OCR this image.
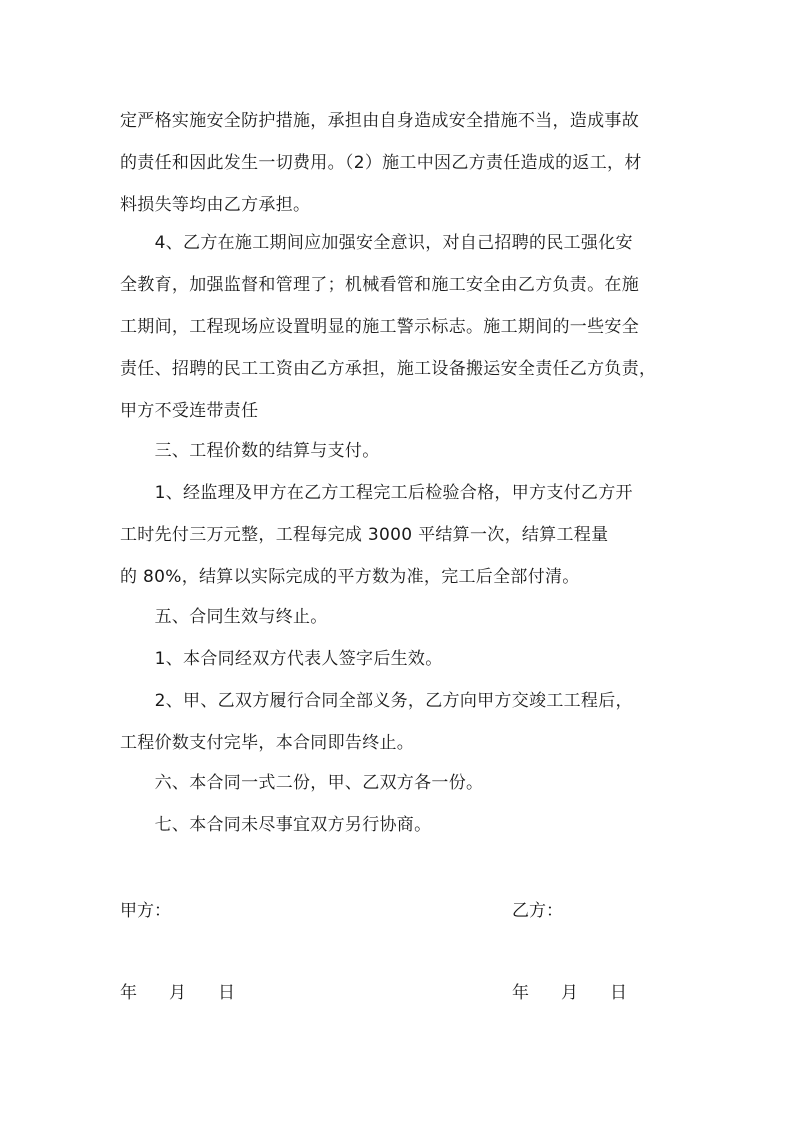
定严格实施安全防护措施，承担由自身造成安全措施不当，造成事故
的责任和因此发生一切费用。（2）施工中因乙方责任造成的返工，材
料损失等均由乙方承担。
　　4、乙方在施工期间应加强安全意识，对自己招聘的民工强化安
全教育，加强监督和管理了；机械看管和施工安全由乙方负责。在施
工期间，工程现场应设置明显的施工警示标志。施工期间的一些安全
责任、招聘的民工工资由乙方承担，施工设备搬运安全责任乙方负责，
甲方不受连带责任
　　三、工程价数的结算与支付。
　　1、经监理及甲方在乙方工程完工后检验合格，甲方支付乙方开
工时先付三万元整，工程每完成 3000 平结算一次，结算工程量
的 80%，结算以实际完成的平方数为准，完工后全部付清。
　　五、合同生效与终止。
　　1、本合同经双方代表人签字后生效。
　　2、甲、乙双方履行合同全部义务，乙方向甲方交竣工工程后，
工程价数支付完毕，本合同即告终止。
　　六、本合同一式二份，甲、乙双方各一份。
　　七、本合同未尽事宜双方另行协商。

甲方：	乙方：

年 月 日	年 月 日
